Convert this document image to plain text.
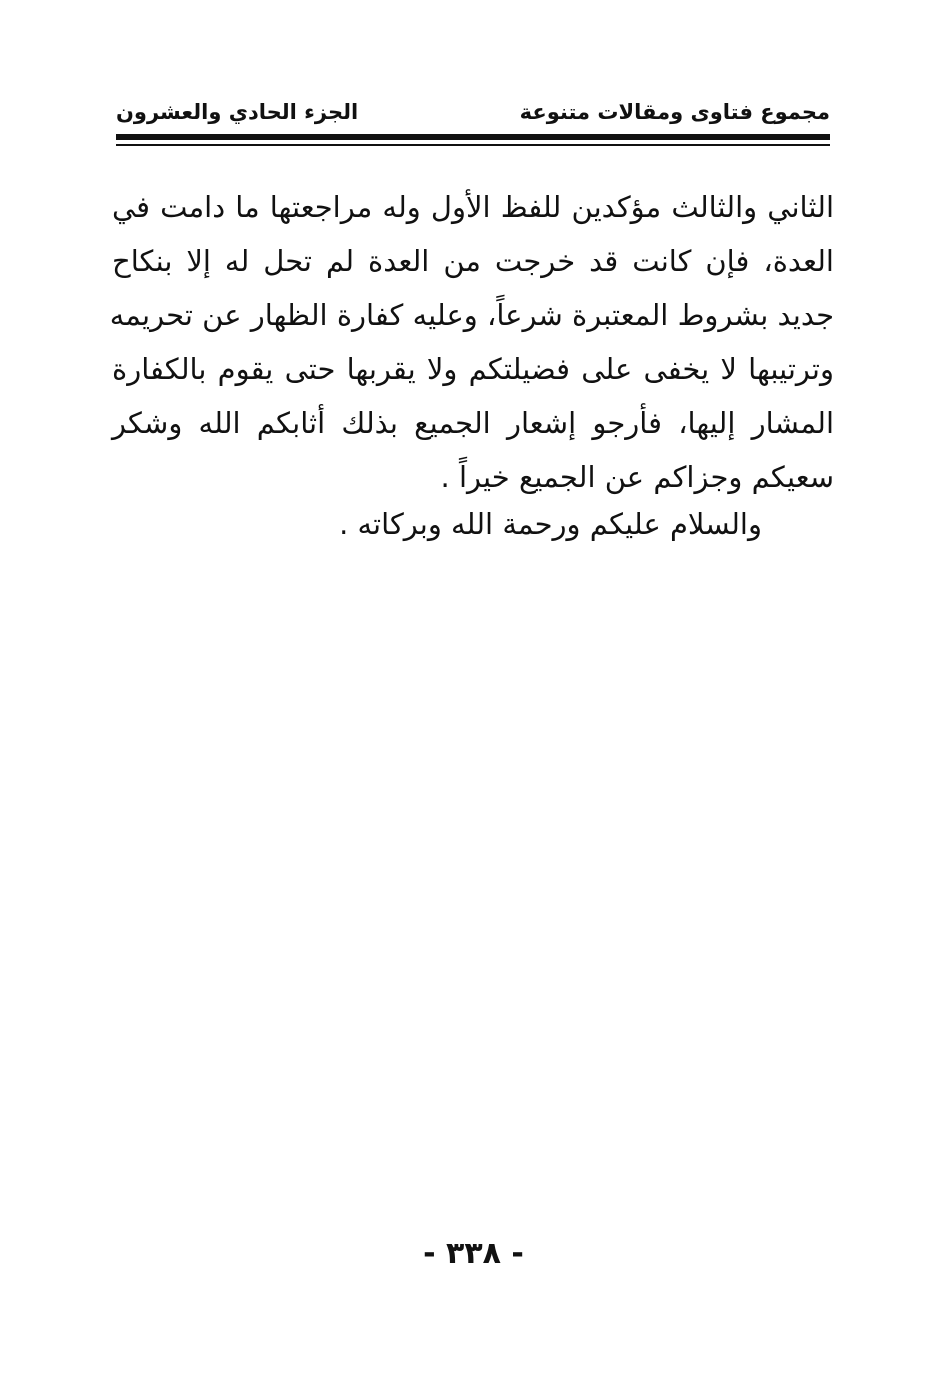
مجموع فتاوى ومقالات متنوعة
الجزء الحادي والعشرون
الثاني والثالث مؤكدين للفظ الأول وله مراجعتها ما دامت في
العدة، فإن كانت قد خرجت من العدة لم تحل له إلا بنكاح
جديد بشروط المعتبرة شرعاً، وعليه كفارة الظهار عن تحريمه
وترتيبها لا يخفى على فضيلتكم ولا يقربها حتى يقوم بالكفارة
المشار إليها، فأرجو إشعار الجميع بذلك أثابكم الله وشكر
سعيكم وجزاكم عن الجميع خيراً .
والسلام عليكم ورحمة الله وبركاته .
- ٣٣٨ -
